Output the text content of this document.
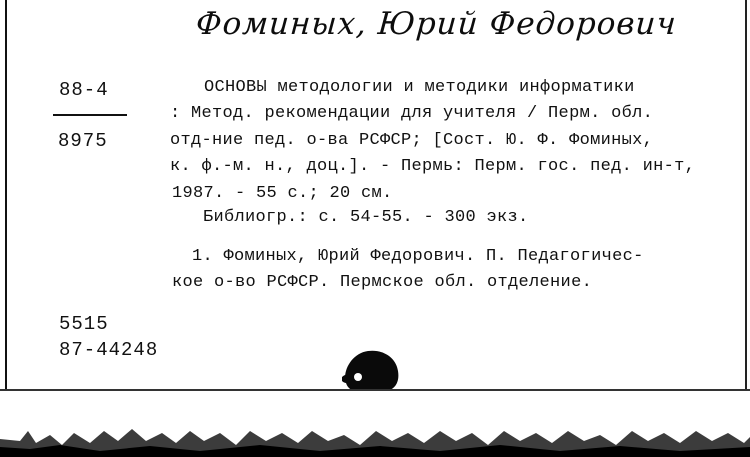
Фоминых, Юрий Федорович
88-4
8975
ОСНОВЫ методологии и методики информатики
: Метод. рекомендации для учителя / Перм. обл.
отд-ние пед. о-ва РСФСР; [Сост. Ю. Ф. Фоминых,
к. ф.-м. н., доц.]. - Пермь: Перм. гос. пед. ин-т,
1987. - 55 с.; 20 см.
Библиогр.: с. 54-55. - 300 экз.
1. Фоминых, Юрий Федорович. П. Педагогичес-
кое о-во РСФСР. Пермское обл. отделение.
5515
87-44248
